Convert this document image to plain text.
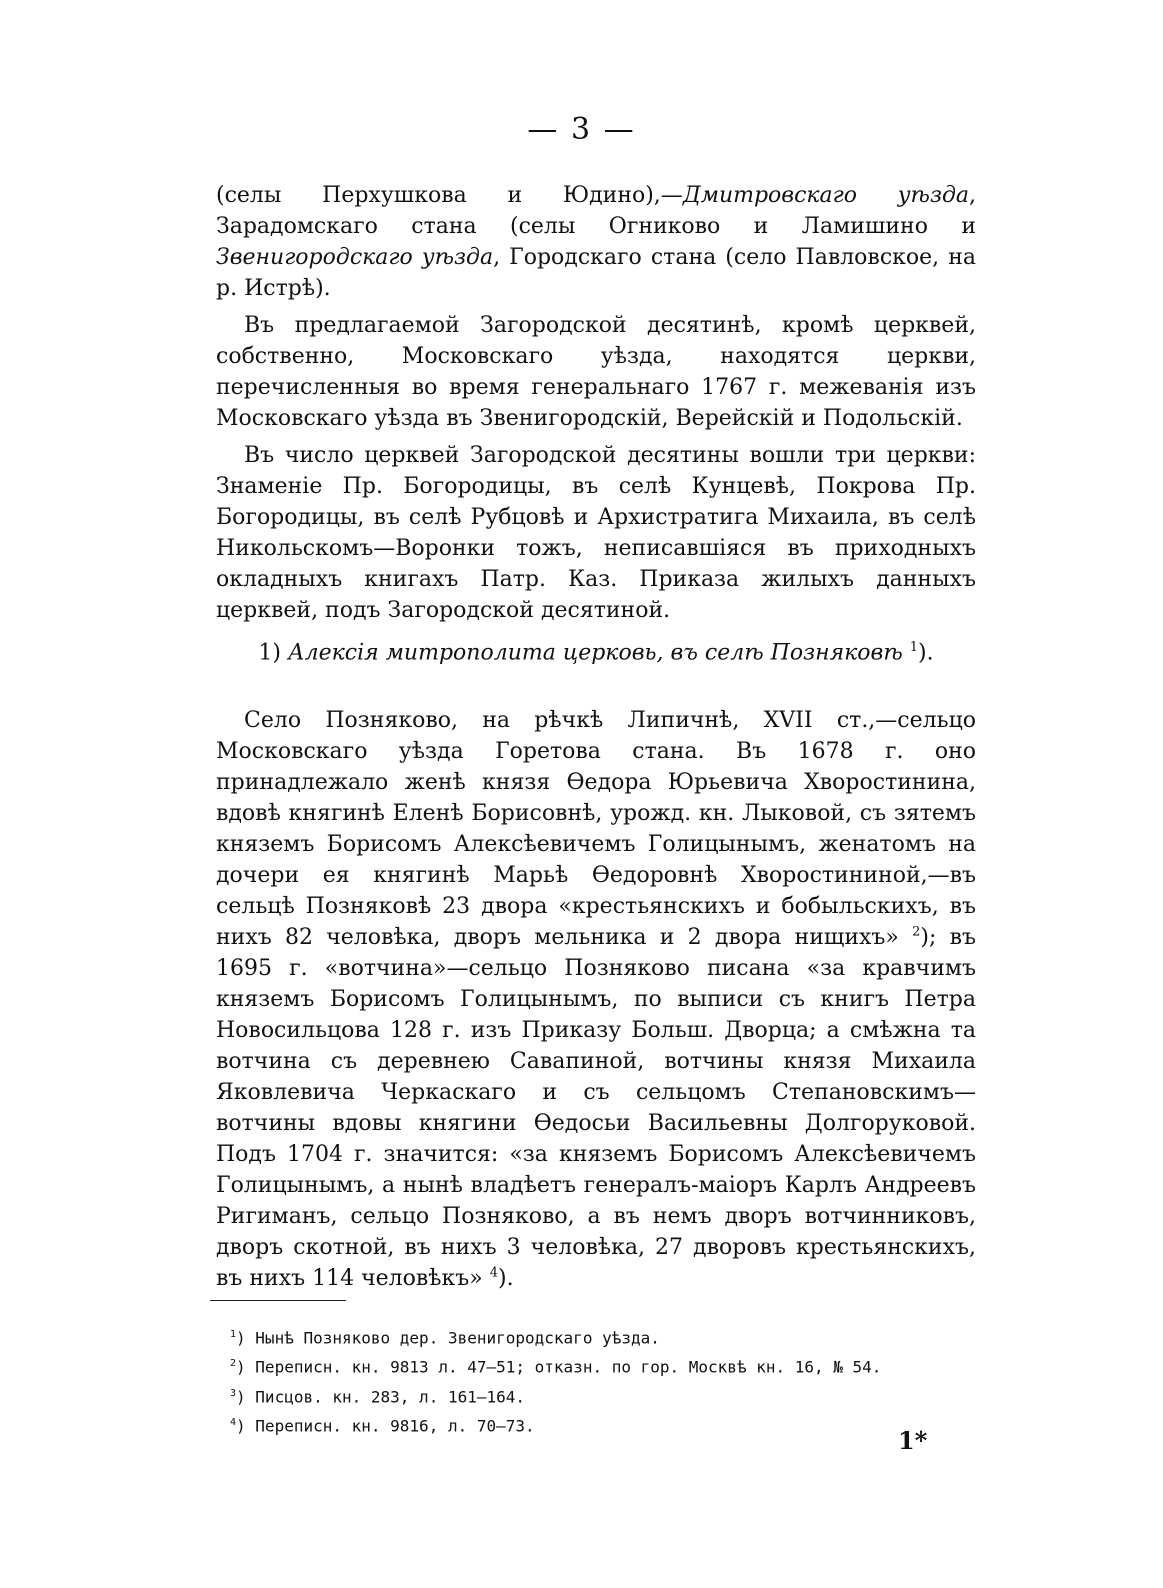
— 3 —

(селы Перхушкова и Юдино),—Дмитровскаго уѣзда, Зарадомскаго стана (селы Огниково и Ламишино и Звенигородскаго уѣзда, Городскаго стана (село Павловское, на р. Истрѣ).

Въ предлагаемой Загородской десятинѣ, кромѣ церквей, собственно, Московскаго уѣзда, находятся церкви, перечисленныя во время генеральнаго 1767 г. межеванія изъ Московскаго уѣзда въ Звенигородскій, Верейскій и Подольскій.

Въ число церквей Загородской десятины вошли три церкви: Знаменіе Пр. Богородицы, въ селѣ Кунцевѣ, Покрова Пр. Богородицы, въ селѣ Рубцовѣ и Архистратига Михаила, въ селѣ Никольскомъ—Воронки тожъ, неписавшіяся въ приходныхъ окладныхъ книгахъ Патр. Каз. Приказа жилыхъ данныхъ церквей, подъ Загородской десятиной.

1) Алексія митрополита церковь, въ селѣ Позняковѣ $^1$).

Село Позняково, на рѣчкѣ Липичнѣ, XVII ст.,—сельцо Московскаго уѣзда Горетова стана. Въ 1678 г. оно принадлежало женѣ князя Ѳедора Юрьевича Хворостинина, вдовѣ княгинѣ Еленѣ Борисовнѣ, урожд. кн. Лыковой, съ зятемъ княземъ Борисомъ Алексѣевичемъ Голицынымъ, женатомъ на дочери ея княгинѣ Марьѣ Ѳедоровнѣ Хворостининой,—въ сельцѣ Позняковѣ 23 двора «крестьянскихъ и бобыльскихъ, въ нихъ 82 человѣка, дворъ мельника и 2 двора нищихъ» $^2$); въ 1695 г. «вотчина»—сельцо Позняково писана «за кравчимъ княземъ Борисомъ Голицынымъ, по выписи съ книгъ Петра Новосильцова 128 г. изъ Приказу Больш. Дворца; а смѣжна та вотчина съ деревнею Савапиной, вотчины князя Михаила Яковлевича Черкаскаго и съ сельцомъ Степановскимъ—вотчины вдовы княгини Ѳедосьи Васильевны Долгоруковой. Подъ 1704 г. значится: «за княземъ Борисомъ Алексѣевичемъ Голицынымъ, а нынѣ владѣетъ генералъ-маіоръ Карлъ Андреевъ Ригиманъ, сельцо Позняково, а въ немъ дворъ вотчинниковъ, дворъ скотной, въ нихъ 3 человѣка, 27 дворовъ крестьянскихъ, въ нихъ 114 человѣкъ» $^4$).

$^1$) Нынѣ Позняково дер. Звенигородскаго уѣзда.
$^2$) Переписн. кн. 9813 л. 47—51; отказн. по гор. Москвѣ кн. 16, № 54.
$^3$) Писцов. кн. 283, л. 161—164.
$^4$) Переписн. кн. 9816, л. 70—73.
1*
